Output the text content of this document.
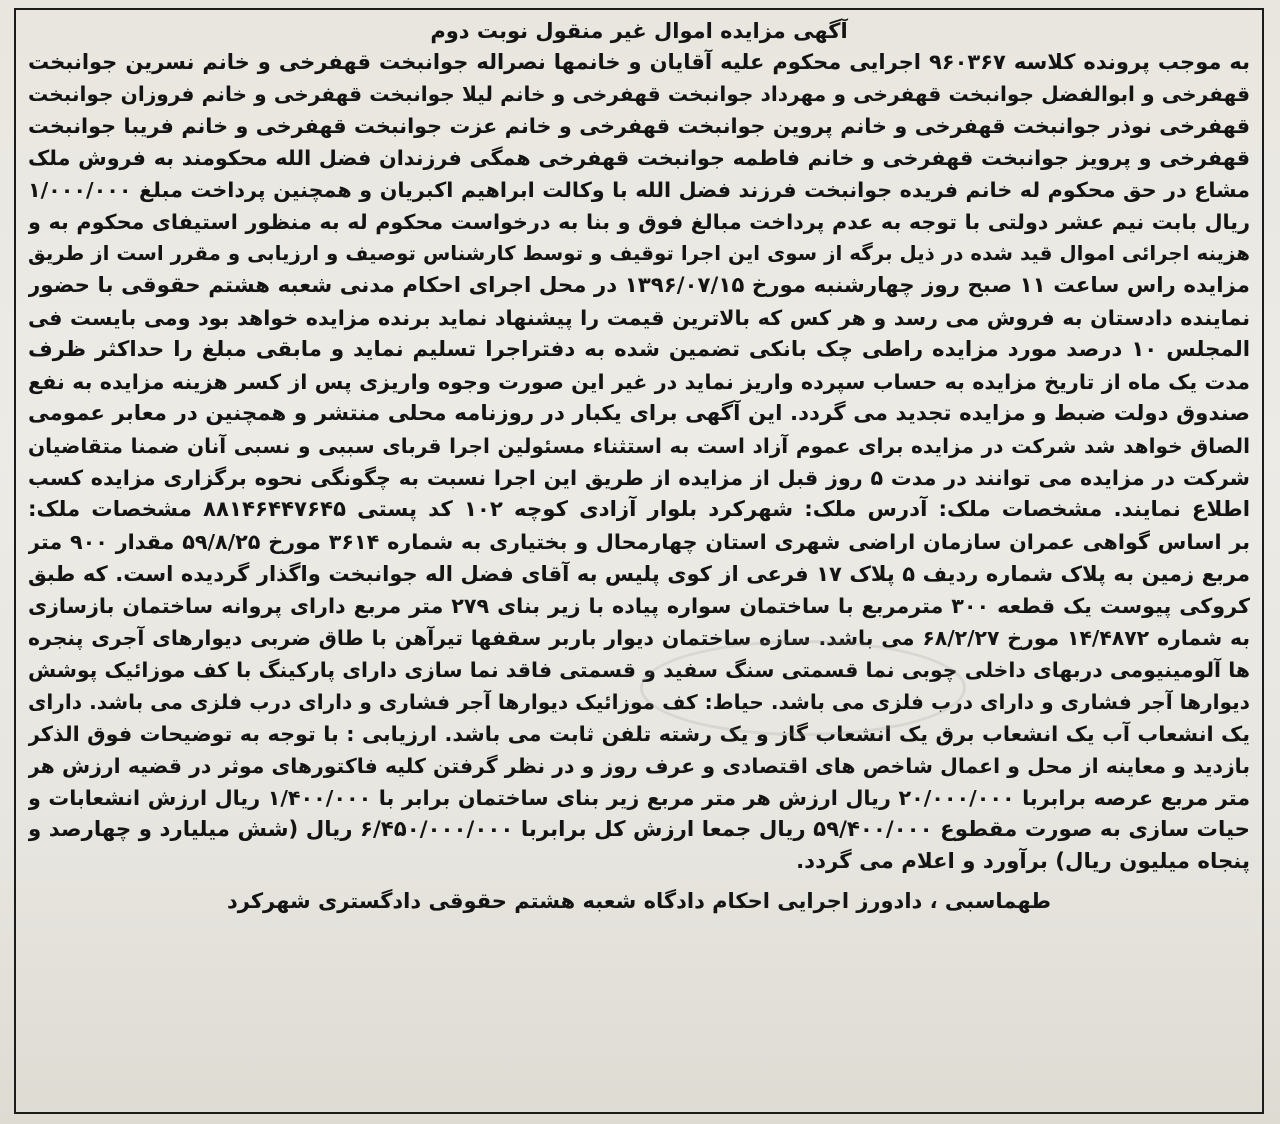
آگهی مزایده اموال غیر منقول نوبت دوم
به موجب پرونده کلاسه ۹۶۰۳۶۷ اجرایی محکوم علیه آقایان و خانمها نصراله جوانبخت قهفرخی و خانم نسرین جوانبخت
قهفرخی و ابوالفضل جوانبخت قهفرخی و مهرداد جوانبخت قهفرخی و خانم لیلا جوانبخت قهفرخی و خانم فروزان جوانبخت
قهفرخی نوذر جوانبخت قهفرخی و خانم پروین جوانبخت قهفرخی و خانم عزت جوانبخت قهفرخی و خانم فریبا جوانبخت
قهفرخی و پرویز جوانبخت قهفرخی و خانم فاطمه جوانبخت قهفرخی همگی فرزندان فضل الله محکومند به فروش ملک
مشاع در حق محکوم له خانم فریده جوانبخت فرزند فضل الله با وکالت ابراهیم اکبریان و همچنین پرداخت مبلغ ۱/۰۰۰/۰۰۰
ریال بابت نیم عشر دولتی با توجه به عدم پرداخت مبالغ فوق و بنا به درخواست محکوم له به منظور استیفای محکوم به و
هزینه اجرائی اموال قید شده در ذیل برگه از سوی این اجرا توقیف و توسط کارشناس توصیف و ارزیابی و مقرر است از طریق
مزایده راس ساعت ۱۱ صبح روز چهارشنبه مورخ ۱۳۹۶/۰۷/۱۵ در محل اجرای احکام مدنی شعبه هشتم حقوقی با حضور
نماینده دادستان به فروش می رسد و هر کس که بالاترین قیمت را پیشنهاد نماید برنده مزایده خواهد بود ومی بایست فی
المجلس ۱۰ درصد مورد مزایده راطی چک بانکی تضمین شده به دفتراجرا تسلیم نماید و مابقی مبلغ را حداکثر ظرف
مدت یک ماه از تاریخ مزایده به حساب سپرده واریز نماید در غیر این صورت وجوه واریزی پس از کسر هزینه مزایده به نفع
صندوق دولت ضبط و مزایده تجدید می گردد. این آگهی برای یکبار در روزنامه محلی منتشر و همچنین در معابر عمومی
الصاق خواهد شد شرکت در مزایده برای عموم آزاد است به استثناء مسئولین اجرا قربای سببی و نسبی آنان ضمنا متقاضیان
شرکت در مزایده می توانند در مدت ۵ روز قبل از مزایده از طریق این اجرا نسبت به چگونگی نحوه برگزاری مزایده کسب
اطلاع نمایند. مشخصات ملک: آدرس ملک: شهرکرد بلوار آزادی کوچه ۱۰۲ کد پستی ۸۸۱۴۶۴۴۷۶۴۵ مشخصات ملک:
بر اساس گواهی عمران سازمان اراضی شهری استان چهارمحال و بختیاری به شماره ۳۶۱۴ مورخ ۵۹/۸/۲۵ مقدار ۹۰۰ متر
مربع زمین به پلاک شماره ردیف ۵ پلاک ۱۷ فرعی از کوی پلیس به آقای فضل اله جوانبخت واگذار گردیده است. که طبق
کروکی پیوست یک قطعه ۳۰۰ مترمربع با ساختمان سواره پیاده با زیر بنای ۲۷۹ متر مربع دارای پروانه ساختمان بازسازی
به شماره ۱۴/۴۸۷۲ مورخ ۶۸/۲/۲۷ می باشد. سازه ساختمان دیوار باربر سقفها تیرآهن با طاق ضربی دیوارهای آجری پنجره
ها آلومینیومی دربهای داخلی چوبی نما قسمتی سنگ سفید و قسمتی فاقد نما سازی دارای پارکینگ با کف موزائیک پوشش
دیوارها آجر فشاری و دارای درب فلزی می باشد. حیاط: کف موزائیک دیوارها آجر فشاری و دارای درب فلزی می باشد. دارای
یک انشعاب آب یک انشعاب برق یک انشعاب گاز و یک رشته تلفن ثابت می باشد. ارزیابی : با توجه به توضیحات فوق الذکر
بازدید و معاینه از محل و اعمال شاخص های اقتصادی و عرف روز و در نظر گرفتن کلیه فاکتورهای موثر در قضیه ارزش هر
متر مربع عرصه برابربا ۲۰/۰۰۰/۰۰۰ ریال ارزش هر متر مربع زیر بنای ساختمان برابر با ۱/۴۰۰/۰۰۰ ریال ارزش انشعابات و
حیات سازی به صورت مقطوع ۵۹/۴۰۰/۰۰۰ ریال جمعا ارزش کل برابربا ۶/۴۵۰/۰۰۰/۰۰۰ ریال (شش میلیارد و چهارصد و
پنجاه میلیون ریال) برآورد و اعلام می گردد.
طهماسبی ، دادورز اجرایی احکام دادگاه شعبه هشتم حقوقی دادگستری شهرکرد
